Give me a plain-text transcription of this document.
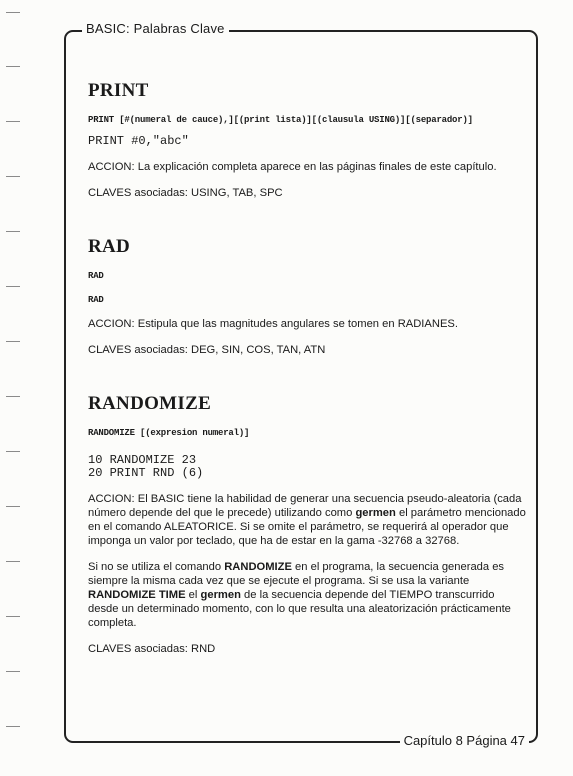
BASIC: Palabras Clave
Capítulo 8 Página 47
PRINT
PRINT [#(numeral de cauce),][(print lista)][(clausula USING)][(separador)]
PRINT #0,"abc"
ACCION: La explicación completa aparece en las páginas finales de este capítulo.
CLAVES asociadas: USING, TAB, SPC
RAD
RAD
RAD
ACCION: Estipula que las magnitudes angulares se tomen en RADIANES.
CLAVES asociadas: DEG, SIN, COS, TAN, ATN
RANDOMIZE
RANDOMIZE [(expresion numeral)]
10 RANDOMIZE 23
20 PRINT RND (6)
ACCION: El BASIC tiene la habilidad de generar una secuencia pseudo-aleatoria (cada número depende del que le precede) utilizando como germen el parámetro mencionado en el comando ALEATORICE. Si se omite el parámetro, se requerirá al operador que imponga un valor por teclado, que ha de estar en la gama -32768 a 32768.
Si no se utiliza el comando RANDOMIZE en el programa, la secuencia generada es siempre la misma cada vez que se ejecute el programa. Si se usa la variante RANDOMIZE TIME el germen de la secuencia depende del TIEMPO transcurrido desde un determinado momento, con lo que resulta una aleatorización prácticamente completa.
CLAVES asociadas: RND
